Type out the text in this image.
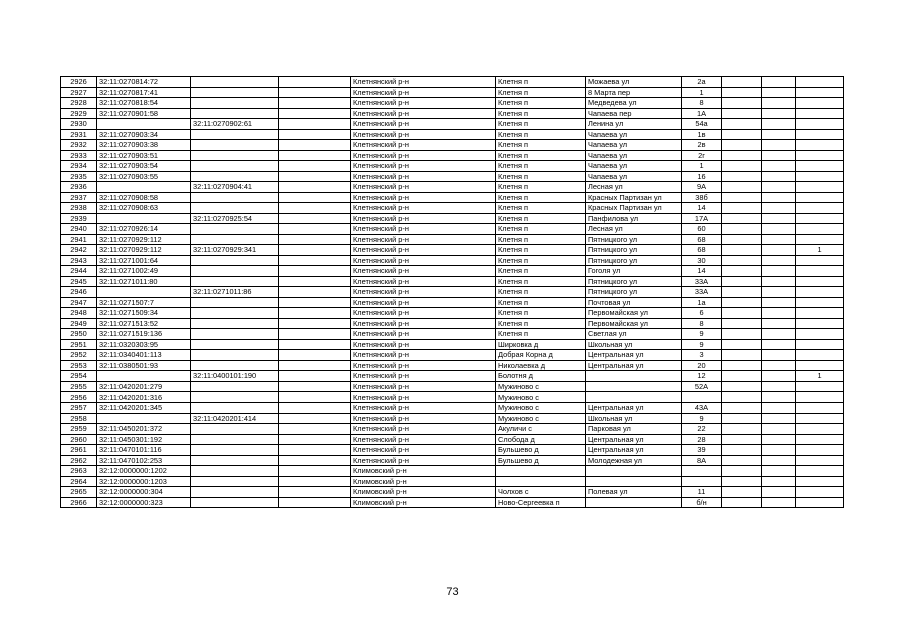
2926	32:11:0270814:72			Клетнянский р-н	Клетня п	Можаева ул	2а			
2927	32:11:0270817:41			Клетнянский р-н	Клетня п	8 Марта пер	1			
2928	32:11:0270818:54			Клетнянский р-н	Клетня п	Медведева ул	8			
2929	32:11:0270901:58			Клетнянский р-н	Клетня п	Чапаева пер	1А			
2930		32:11:0270902:61		Клетнянский р-н	Клетня п	Ленина ул	54а			
2931	32:11:0270903:34			Клетнянский р-н	Клетня п	Чапаева ул	1в			
2932	32:11:0270903:38			Клетнянский р-н	Клетня п	Чапаева ул	2в			
2933	32:11:0270903:51			Клетнянский р-н	Клетня п	Чапаева ул	2г			
2934	32:11:0270903:54			Клетнянский р-н	Клетня п	Чапаева ул	1			
2935	32:11:0270903:55			Клетнянский р-н	Клетня п	Чапаева ул	16			
2936		32:11:0270904:41		Клетнянский р-н	Клетня п	Лесная ул	9А			
2937	32:11:0270908:58			Клетнянский р-н	Клетня п	Красных Партизан ул	38б			
2938	32:11:0270908:63			Клетнянский р-н	Клетня п	Красных Партизан ул	14			
2939		32:11:0270925:54		Клетнянский р-н	Клетня п	Панфилова ул	17А			
2940	32:11:0270926:14			Клетнянский р-н	Клетня п	Лесная ул	60			
2941	32:11:0270929:112			Клетнянский р-н	Клетня п	Пятницкого ул	68			
2942	32:11:0270929:112	32:11:0270929:341		Клетнянский р-н	Клетня п	Пятницкого ул	68			1
2943	32:11:0271001:64			Клетнянский р-н	Клетня п	Пятницкого ул	30			
2944	32:11:0271002:49			Клетнянский р-н	Клетня п	Гоголя ул	14			
2945	32:11:0271011:80			Клетнянский р-н	Клетня п	Пятницкого ул	33А			
2946		32:11:0271011:86		Клетнянский р-н	Клетня п	Пятницкого ул	33А			
2947	32:11:0271507:7			Клетнянский р-н	Клетня п	Почтовая ул	1а			
2948	32:11:0271509:34			Клетнянский р-н	Клетня п	Первомайская ул	6			
2949	32:11:0271513:52			Клетнянский р-н	Клетня п	Первомайская ул	8			
2950	32:11:0271519:136			Клетнянский р-н	Клетня п	Светлая ул	9			
2951	32:11:0320303:95			Клетнянский р-н	Ширковка д	Школьная ул	9			
2952	32:11:0340401:113			Клетнянский р-н	Добрая Корна д	Центральная ул	3			
2953	32:11:0380501:93			Клетнянский р-н	Николаевка д	Центральная ул	20			
2954		32:11:0400101:190		Клетнянский р-н	Болотня д		12			1
2955	32:11:0420201:279			Клетнянский р-н	Мужиново с		52А			
2956	32:11:0420201:316			Клетнянский р-н	Мужиново с					
2957	32:11:0420201:345			Клетнянский р-н	Мужиново с	Центральная ул	43А			
2958		32:11:0420201:414		Клетнянский р-н	Мужиново с	Школьная ул	9			
2959	32:11:0450201:372			Клетнянский р-н	Акуличи с	Парковая ул	22			
2960	32:11:0450301:192			Клетнянский р-н	Слобода д	Центральная ул	28			
2961	32:11:0470101:116			Клетнянский р-н	Бульшево д	Центральная ул	39			
2962	32:11:0470102:253			Клетнянский р-н	Бульшево д	Молодежная ул	8А			
2963	32:12:0000000:1202			Климовский р-н						
2964	32:12:0000000:1203			Климовский р-н						
2965	32:12:0000000:304			Климовский р-н	Чолхов с	Полевая ул	11			
2966	32:12:0000000:323			Климовский р-н	Ново-Сергеевка п		б/н			
73
